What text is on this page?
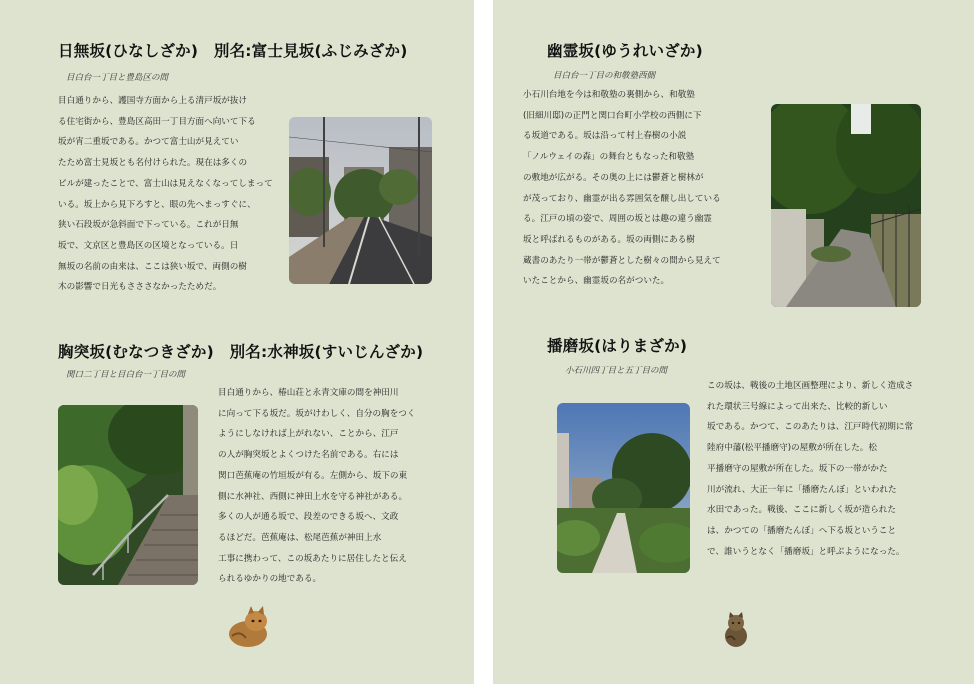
日無坂(ひなしざか)　別名:富士見坂(ふじみざか)
目白台一丁目と豊島区の間
目白通りから、護国寺方面から上る清戸坂が抜け
る住宅街から、豊島区高田一丁目方面へ向いて下る
坂が宵二重坂である。かつて富士山が見えてい
たため富士見坂とも名付けられた。現在は多くの
ビルが建ったことで、富士山は見えなくなってしまって
いる。坂上から見下ろすと、眼の先へまっすぐに、
狭い石段坂が急斜面で下っている。これが日無
坂で、文京区と豊島区の区境となっている。日
無坂の名前の由来は、ここは狭い坂で、両側の樹
木の影響で日光もさささなかったためだ。
胸突坂(むなつきざか)　別名:水神坂(すいじんざか)
関口二丁目と目白台一丁目の間
目白通りから、椿山荘と永青文庫の間を神田川
に向って下る坂だ。坂がけわしく、自分の胸をつく
ようにしなければ上がれない、ことから、江戸
の人が胸突坂とよくつけた名前である。右には
関口芭蕉庵の竹垣坂が有る。左側から、坂下の東
側に水神社、西側に神田上水を守る神社がある。
多くの人が通る坂で、段差のできる坂へ、文政
るほどだ。芭蕉庵は、松尾芭蕉が神田上水
工事に携わって、この坂あたりに居住したと伝え
られるゆかりの地である。
幽霊坂(ゆうれいざか)
目白台一丁目の和敬塾西側
小石川台地を今は和敬塾の裏側から、和敬塾
(旧細川邸)の正門と関口台町小学校の西側に下
る坂道である。坂は沿って村上春樹の小説
「ノルウェイの森」の舞台ともなった和敬塾
の敷地が広がる。その奥の上には鬱蒼と樹林が
が茂っており、幽霊が出る雰囲気を醸し出している
る。江戸の頃の姿で、周囲の坂とは趣の違う幽霊
坂と呼ばれるものがある。坂の両側にある樹
蔵書のあたり一帯が鬱蒼とした樹々の間から見えて
いたことから、幽霊坂の名がついた。
播磨坂(はりまざか)
小石川四丁目と五丁目の間
この坂は、戦後の土地区画整理により、新しく造成さ
れた環状三号線によって出来た、比較的新しい
坂である。かつて、このあたりは、江戸時代初期に常
陸府中藩(松平播磨守)の屋敷が所在した。松
平播磨守の屋敷が所在した。坂下の一帯がかた
川が流れ、大正一年に「播磨たんぼ」といわれた
水田であった。戦後、ここに新しく坂が造られた
は、かつての「播磨たんぼ」へ下る坂ということ
で、誰いうとなく「播磨坂」と呼ぶようになった。
